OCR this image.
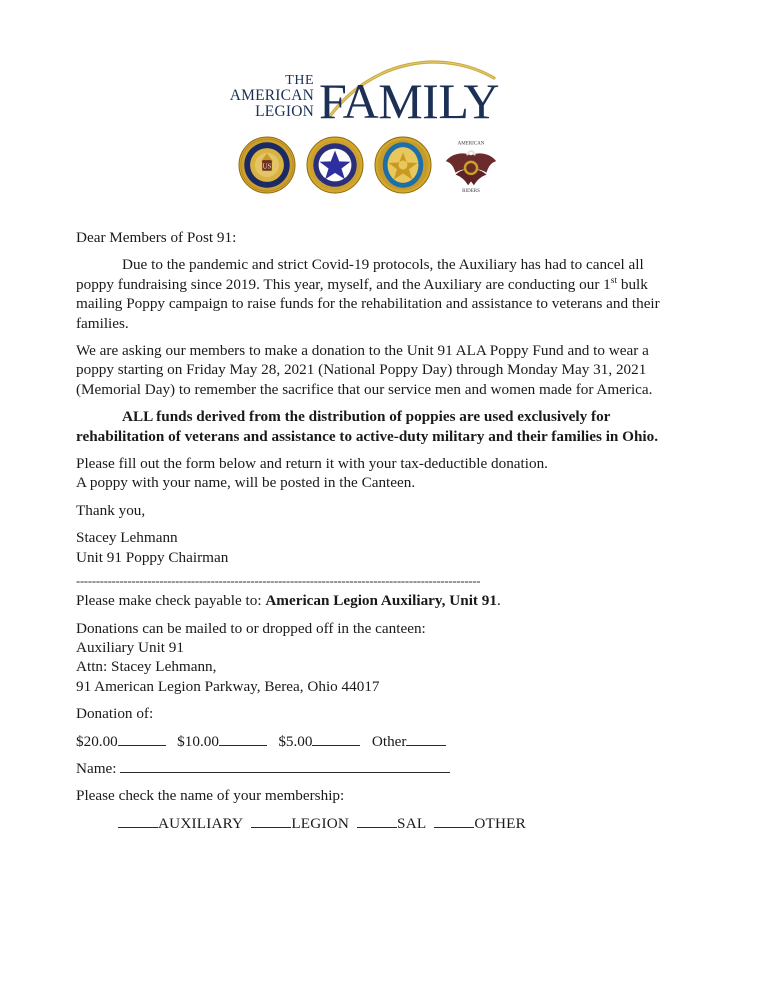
THE
AMERICAN
LEGION FAMILY
US
AMERICAN
RIDERS

Dear Members of Post 91:

Due to the pandemic and strict Covid-19 protocols, the Auxiliary has had to cancel all poppy fundraising since 2019. This year, myself, and the Auxiliary are conducting our 1st bulk mailing Poppy campaign to raise funds for the rehabilitation and assistance to veterans and their families.

We are asking our members to make a donation to the Unit 91 ALA Poppy Fund and to wear a poppy starting on Friday May 28, 2021 (National Poppy Day) through Monday May 31, 2021 (Memorial Day) to remember the sacrifice that our service men and women made for America.

ALL funds derived from the distribution of poppies are used exclusively for rehabilitation of veterans and assistance to active-duty military and their families in Ohio.

Please fill out the form below and return it with your tax-deductible donation.

A poppy with your name, will be posted in the Canteen.

Thank you,

Stacey Lehmann

Unit 91 Poppy Chairman

------------------------------------------------------------------------------------------------------

Please make check payable to: American Legion Auxiliary, Unit 91.

Donations can be mailed to or dropped off in the canteen:

Auxiliary Unit 91

Attn: Stacey Lehmann,

91 American Legion Parkway, Berea, Ohio 44017

Donation of:

$20.00	$10.00	$5.00	Other

Name:

Please check the name of your membership:

AUXILIARY	LEGION	SAL	OTHER
